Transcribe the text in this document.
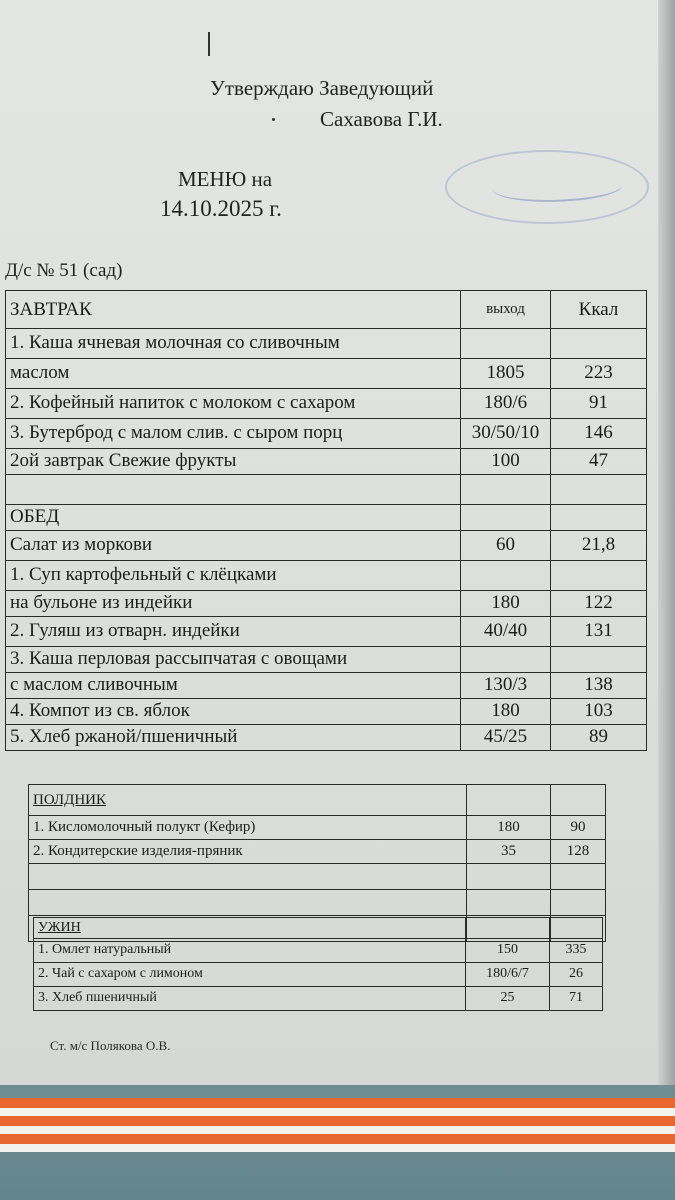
Утверждаю Заведующий
Сахавова Г.И.
МЕНЮ на
14.10.2025 г.
Д/с № 51 (сад)
ЗАВТРАК	выход	Ккал
1. Каша ячневая молочная со сливочным
маслом	1805	223
2. Кофейный напиток с молоком с сахаром	180/6	91
3. Бутерброд с малом слив. с сыром порц	30/50/10 146
2ой завтрак Свежие фрукты	100	47
ОБЕД
Салат из моркови	60	21,8
1. Суп картофельный с клёцками
на бульоне из индейки	180	122
2. Гуляш из отварн. индейки	40/40	131
3. Каша перловая рассыпчатая с овощами
с маслом сливочным	130/3	138
4. Компот из св. яблок	180	103
5. Хлеб ржаной/пшеничный	45/25	89
ПОЛДНИК
1. Кисломолочный полукт (Кефир)	180	90
2. Кондитерские изделия-пряник	35	128
УЖИН
1. Омлет натуральный	150	335
2. Чай с сахаром с лимоном	180/6/7	26
3. Хлеб пшеничный	25	71
Ст. м/с Полякова О.В.
